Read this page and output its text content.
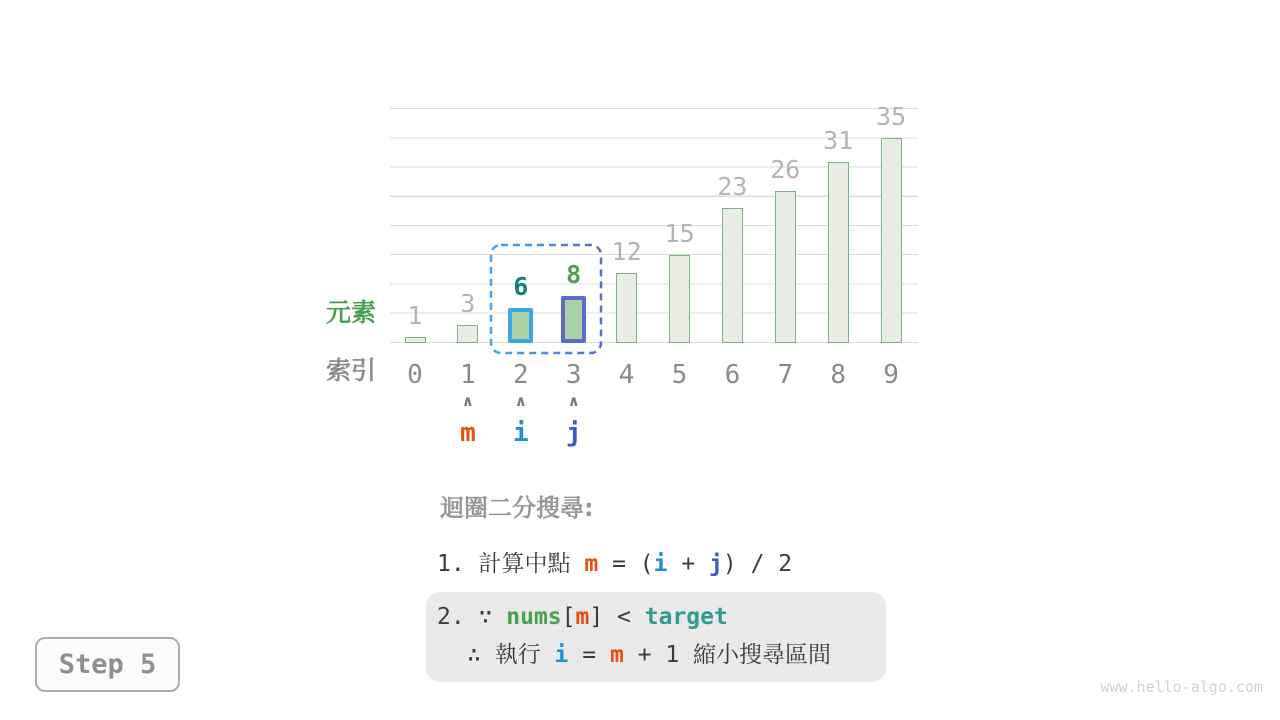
1	3
6	8
12
15
23
26
31
35
元素
索引	0	1	2	3	4	5	6	7	8	9
∧
m
∧
i
∧
j
迴圈二分搜尋:
1. 計算中點 m = (i + j) / 2
2. ∵ nums[m] < target
∴ 執行 i = m + 1 縮小搜尋區間
Step 5
www.hello-algo.com
